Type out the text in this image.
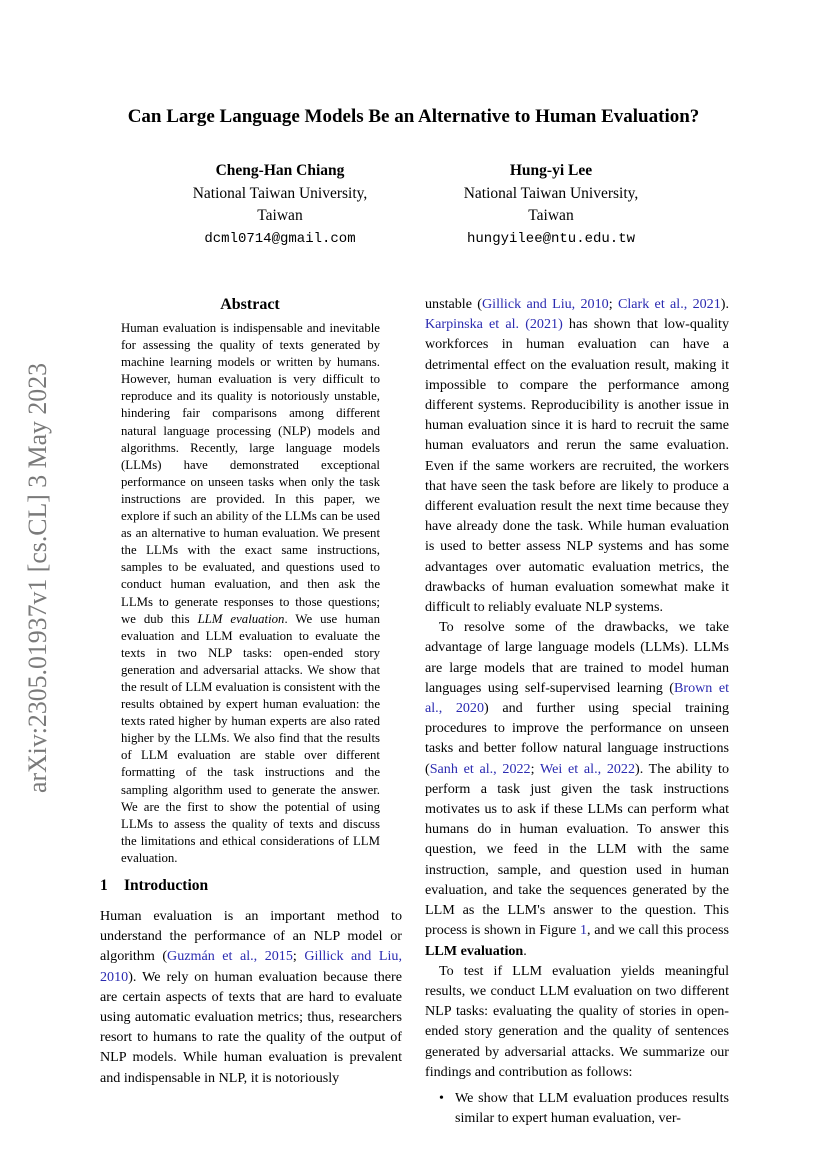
arXiv:2305.01937v1 [cs.CL] 3 May 2023
Can Large Language Models Be an Alternative to Human Evaluation?
Cheng-Han Chiang
National Taiwan University,
Taiwan
dcml0714@gmail.com
Hung-yi Lee
National Taiwan University,
Taiwan
hungyilee@ntu.edu.tw
Abstract
Human evaluation is indispensable and inevitable for assessing the quality of texts generated by machine learning models or written by humans. However, human evaluation is very difficult to reproduce and its quality is notoriously unstable, hindering fair comparisons among different natural language processing (NLP) models and algorithms. Recently, large language models (LLMs) have demonstrated exceptional performance on unseen tasks when only the task instructions are provided. In this paper, we explore if such an ability of the LLMs can be used as an alternative to human evaluation. We present the LLMs with the exact same instructions, samples to be evaluated, and questions used to conduct human evaluation, and then ask the LLMs to generate responses to those questions; we dub this LLM evaluation. We use human evaluation and LLM evaluation to evaluate the texts in two NLP tasks: open-ended story generation and adversarial attacks. We show that the result of LLM evaluation is consistent with the results obtained by expert human evaluation: the texts rated higher by human experts are also rated higher by the LLMs. We also find that the results of LLM evaluation are stable over different formatting of the task instructions and the sampling algorithm used to generate the answer. We are the first to show the potential of using LLMs to assess the quality of texts and discuss the limitations and ethical considerations of LLM evaluation.
1 Introduction
Human evaluation is an important method to understand the performance of an NLP model or algorithm (Guzmán et al., 2015; Gillick and Liu, 2010). We rely on human evaluation because there are certain aspects of texts that are hard to evaluate using automatic evaluation metrics; thus, researchers resort to humans to rate the quality of the output of NLP models. While human evaluation is prevalent and indispensable in NLP, it is notoriously

unstable (Gillick and Liu, 2010; Clark et al., 2021). Karpinska et al. (2021) has shown that low-quality workforces in human evaluation can have a detrimental effect on the evaluation result, making it impossible to compare the performance among different systems. Reproducibility is another issue in human evaluation since it is hard to recruit the same human evaluators and rerun the same evaluation. Even if the same workers are recruited, the workers that have seen the task before are likely to produce a different evaluation result the next time because they have already done the task. While human evaluation is used to better assess NLP systems and has some advantages over automatic evaluation metrics, the drawbacks of human evaluation somewhat make it difficult to reliably evaluate NLP systems.

To resolve some of the drawbacks, we take advantage of large language models (LLMs). LLMs are large models that are trained to model human languages using self-supervised learning (Brown et al., 2020) and further using special training procedures to improve the performance on unseen tasks and better follow natural language instructions (Sanh et al., 2022; Wei et al., 2022). The ability to perform a task just given the task instructions motivates us to ask if these LLMs can perform what humans do in human evaluation. To answer this question, we feed in the LLM with the same instruction, sample, and question used in human evaluation, and take the sequences generated by the LLM as the LLM's answer to the question. This process is shown in Figure 1, and we call this process LLM evaluation.

To test if LLM evaluation yields meaningful results, we conduct LLM evaluation on two different NLP tasks: evaluating the quality of stories in open-ended story generation and the quality of sentences generated by adversarial attacks. We summarize our findings and contribution as follows:

• We show that LLM evaluation produces results similar to expert human evaluation, ver-
